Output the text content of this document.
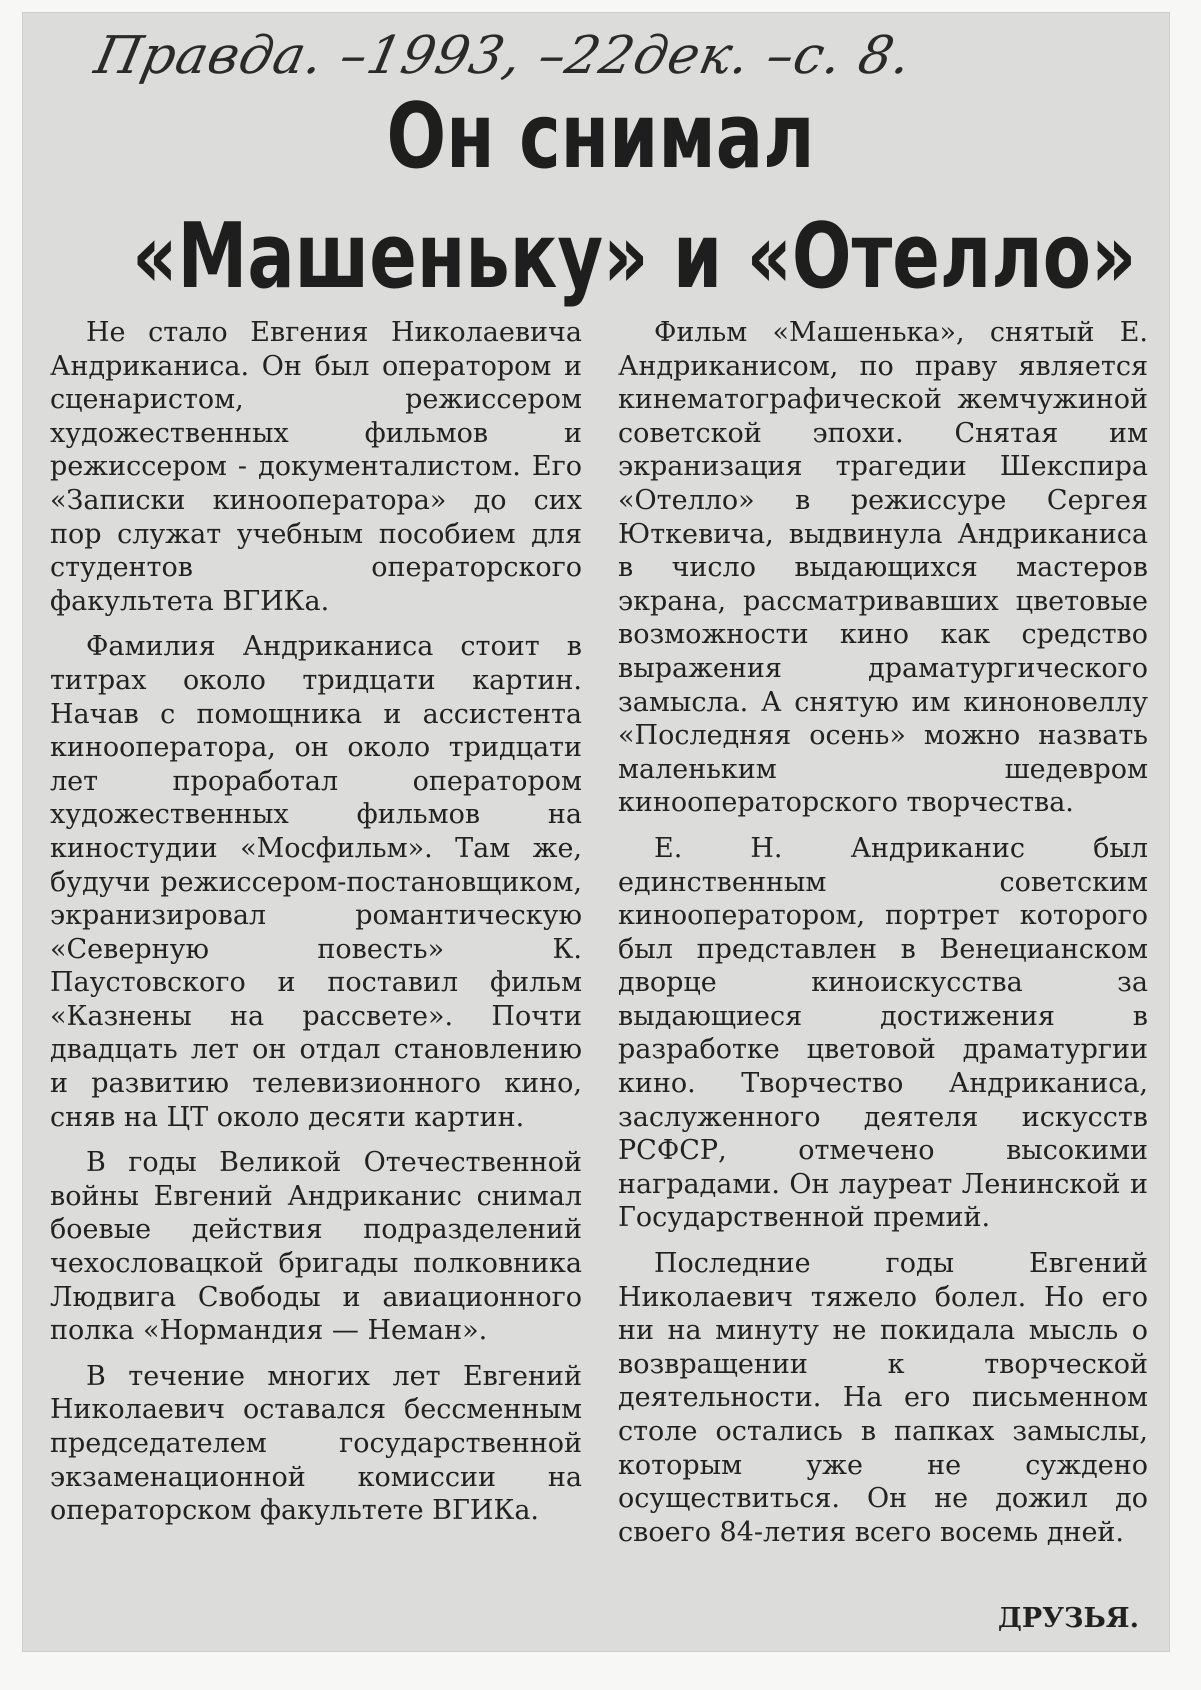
Правда. –1993, –22дек. –с. 8.
Он снимал
«Машеньку» и «Отелло»

Не стало Евгения Николаевича Андриканиса. Он был оператором и сценаристом, режиссером художественных фильмов и режиссером - документалистом. Его «Записки кинооператора» до сих пор служат учебным пособием для студентов операторского факультета ВГИКа.

Фамилия Андриканиса стоит в титрах около тридцати картин. Начав с помощника и ассистента кинооператора, он около тридцати лет проработал оператором художественных фильмов на киностудии «Мосфильм». Там же, будучи режиссером-постановщиком, экранизировал романтическую «Северную повесть» К. Паустовского и поставил фильм «Казнены на рассвете». Почти двадцать лет он отдал становлению и развитию телевизионного кино, сняв на ЦТ около десяти картин.

В годы Великой Отечественной войны Евгений Андриканис снимал боевые действия подразделений чехословацкой бригады полковника Людвига Свободы и авиационного полка «Нормандия — Неман».

В течение многих лет Евгений Николаевич оставался бессменным председателем государственной экзаменационной комиссии на операторском факультете ВГИКа.

Фильм «Машенька», снятый Е. Андриканисом, по праву является кинематографической жемчужиной советской эпохи. Снятая им экранизация трагедии Шекспира «Отелло» в режиссуре Сергея Юткевича, выдвинула Андриканиса в число выдающихся мастеров экрана, рассматривавших цветовые возможности кино как средство выражения драматургического замысла. А снятую им киноновеллу «Последняя осень» можно назвать маленьким шедевром кинооператорского творчества.

Е. Н. Андриканис был единственным советским кинооператором, портрет которого был представлен в Венецианском дворце киноискусства за выдающиеся достижения в разработке цветовой драматургии кино. Творчество Андриканиса, заслуженного деятеля искусств РСФСР, отмечено высокими наградами. Он лауреат Ленинской и Государственной премий.

Последние годы Евгений Николаевич тяжело болел. Но его ни на минуту не покидала мысль о возвращении к творческой деятельности. На его письменном столе остались в папках замыслы, которым уже не суждено осуществиться. Он не дожил до своего 84-летия всего восемь дней.

ДРУЗЬЯ.
